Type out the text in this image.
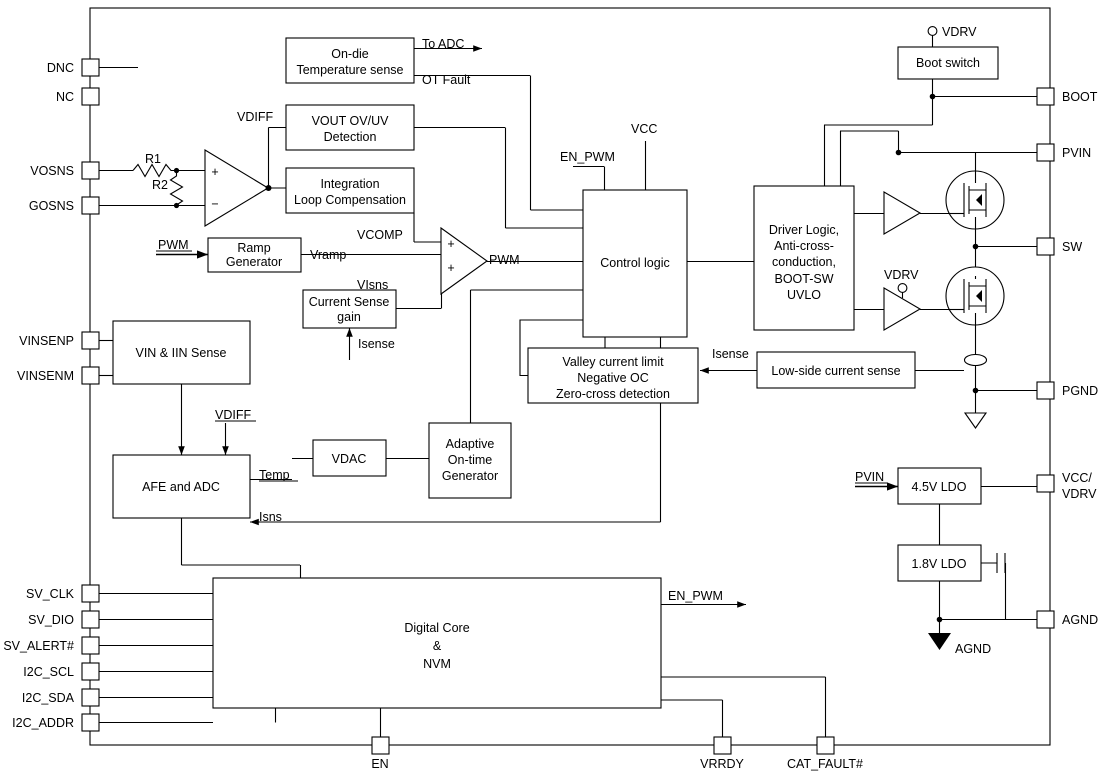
+
−
+
+
On-die
Temperature sense
VOUT OV/UV
Detection
Integration
Loop Compensation
Ramp
Generator
Current Sense
gain
VIN & IIN Sense
Control logic
Driver Logic,
Anti-cross-
conduction,
BOOT-SW
UVLO
Boot switch
Valley current limit
Negative OC
Zero-cross detection
Low-side current sense
VDAC
Adaptive
On-time
Generator
AFE and ADC
Digital Core
&
NVM
4.5V LDO
1.8V LDO
DNC
NC
VOSNS
GOSNS
VINSENP
VINSENM
SV_CLK
SV_DIO
SV_ALERT#
I2C_SCL
I2C_SDA
I2C_ADDR
BOOT
PVIN
SW
PGND
VCC/
VDRV
AGND
EN	VRRDY	CAT_FAULT#
To ADC
OT Fault
VDIFF
R1
R2
PWM
Vramp
VCOMP
PWM
VIsns
Isense
EN_PWM
VCC
VDRV
VDRV
Isense
VDIFF
Temp
Isns
PVIN
AGND
EN_PWM
